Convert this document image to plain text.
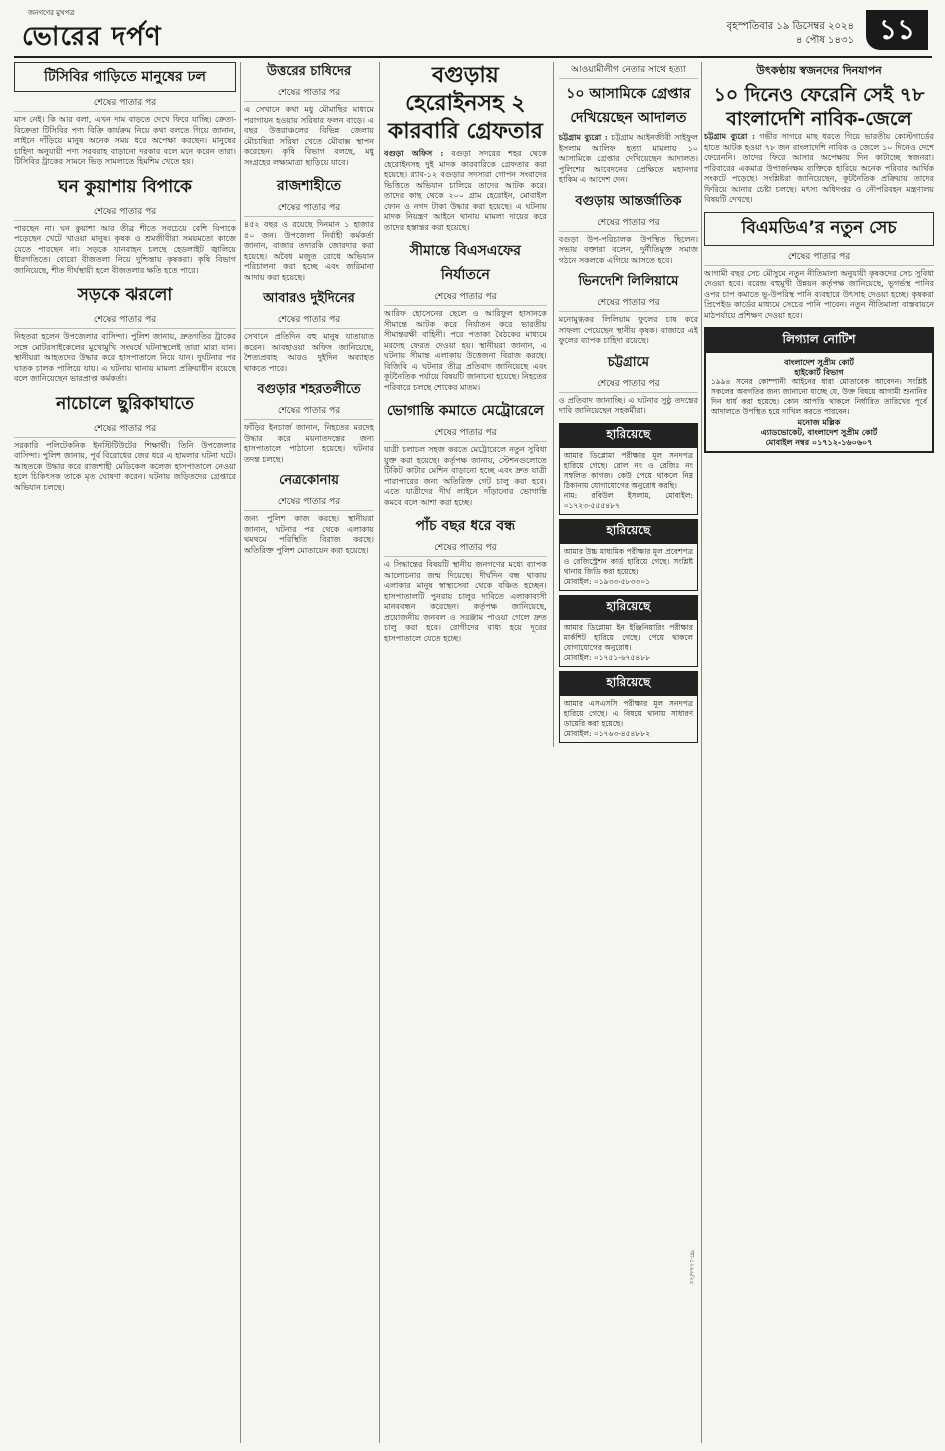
জনগণের মুখপত্র
ভোরের দর্পণ	বৃহস্পতিবার ১৯ ডিসেম্বর ২০২৪
৪ পৌষ ১৪৩১ ১১
টিসিবির গাড়িতে মানুষের ঢল
শেষের পাতার পর
মাস নেই। কি আর বলা, এখন দাম বাড়তে দেখে ফিরে যাচ্ছি। ক্রেতা-বিক্রেতা টিসিবির পণ্য বিক্রি কার্যক্রম নিয়ে কথা বলতে গিয়ে জানান, লাইনে দাঁড়িয়ে মানুষ অনেক সময় ধরে অপেক্ষা করছেন। মানুষের চাহিদা অনুযায়ী পণ্য সরবরাহ বাড়ানো দরকার বলে মনে করেন তারা। টিসিবির ট্রাকের সামনে ভিড় সামলাতে হিমশিম খেতে হয়।
ঘন কুয়াশায় বিপাকে
শেষের পাতার পর
পারছেন না। ঘন কুয়াশা আর তীব্র শীতে সবচেয়ে বেশি বিপাকে পড়েছেন খেটে খাওয়া মানুষ। কৃষক ও শ্রমজীবীরা সময়মতো কাজে যেতে পারছেন না। সড়কে যানবাহন চলছে হেডলাইট জ্বালিয়ে ধীরগতিতে। বোরো বীজতলা নিয়ে দুশ্চিন্তায় কৃষকরা। কৃষি বিভাগ জানিয়েছে, শীত দীর্ঘস্থায়ী হলে বীজতলার ক্ষতি হতে পারে।
সড়কে ঝরলো
শেষের পাতার পর
নিহতরা হলেন উপজেলার বাসিন্দা। পুলিশ জানায়, দ্রুতগতির ট্রাকের সঙ্গে মোটরসাইকেলের মুখোমুখি সংঘর্ষে ঘটনাস্থলেই তারা মারা যান। স্থানীয়রা আহতদের উদ্ধার করে হাসপাতালে নিয়ে যান। দুর্ঘটনার পর ঘাতক চালক পালিয়ে যায়। এ ঘটনায় থানায় মামলা প্রক্রিয়াধীন রয়েছে বলে জানিয়েছেন ভারপ্রাপ্ত কর্মকর্তা।
নাচোলে ছুরিকাঘাতে
শেষের পাতার পর
সরকারি পলিটেকনিক ইনস্টিটিউটের শিক্ষার্থী। তিনি উপজেলার বাসিন্দা। পুলিশ জানায়, পূর্ব বিরোধের জের ধরে এ হামলার ঘটনা ঘটে। আহতকে উদ্ধার করে রাজশাহী মেডিকেল কলেজ হাসপাতালে নেওয়া হলে চিকিৎসক তাকে মৃত ঘোষণা করেন। ঘটনায় জড়িতদের গ্রেপ্তারে অভিযান চলছে।
উত্তরের চাষিদের
শেষের পাতার পর
এ সেখানে কথা মধু মৌমাছির মাধ্যমে পরাগায়ন হওয়ায় সরিষার ফলন বাড়ে। এ বছর উত্তরাঞ্চলের বিভিন্ন জেলায় মৌচাষিরা সরিষা খেতে মৌবাক্স স্থাপন করেছেন। কৃষি বিভাগ বলছে, মধু সংগ্রহের লক্ষ্যমাত্রা ছাড়িয়ে যাবে।
রাজশাহীতে
শেষের পাতার পর
৪৫২ বছর ও রয়েছে দিনমান ১ হাজার ৫০ জন। উপজেলা নির্বাহী কর্মকর্তা জানান, বাজার তদারকি জোরদার করা হয়েছে। অবৈধ মজুত রোধে অভিযান পরিচালনা করা হচ্ছে এবং জরিমানা আদায় করা হয়েছে।
আবারও দুইদিনের
শেষের পাতার পর
সেখানে প্রতিদিন বহু মানুষ যাতায়াত করেন। আবহাওয়া অফিস জানিয়েছে, শৈত্যপ্রবাহ আরও দুইদিন অব্যাহত থাকতে পারে।
বগুড়ার শহরতলীতে
শেষের পাতার পর
ফাঁড়ির ইনচার্জ জানান, নিহতের মরদেহ উদ্ধার করে ময়নাতদন্তের জন্য হাসপাতালে পাঠানো হয়েছে। ঘটনার তদন্ত চলছে।
নেত্রকোনায়
শেষের পাতার পর
জন্য পুলিশ কাজ করছে। স্থানীয়রা জানান, ঘটনার পর থেকে এলাকায় থমথমে পরিস্থিতি বিরাজ করছে। অতিরিক্ত পুলিশ মোতায়েন করা হয়েছে।
বগুড়ায় হেরোইনসহ ২ কারবারি গ্রেফতার
বগুড়া অফিস : বগুড়া সদরের শহর থেকে হেরোইনসহ দুই মাদক কারবারিকে গ্রেফতার করা হয়েছে। র‍্যাব-১২ বগুড়ার সদস্যরা গোপন সংবাদের ভিত্তিতে অভিযান চালিয়ে তাদের আটক করে। তাদের কাছ থেকে ২০০ গ্রাম হেরোইন, মোবাইল ফোন ও নগদ টাকা উদ্ধার করা হয়েছে। এ ঘটনায় মাদক নিয়ন্ত্রণ আইনে থানায় মামলা দায়ের করে তাদের হস্তান্তর করা হয়েছে।
সীমান্তে বিএসএফের নির্যাতনে
শেষের পাতার পর
আরিফ হোসেনের ছেলে ও আরিফুল হাসানকে সীমান্তে আটক করে নির্যাতন করে ভারতীয় সীমান্তরক্ষী বাহিনী। পরে পতাকা বৈঠকের মাধ্যমে মরদেহ ফেরত দেওয়া হয়। স্থানীয়রা জানান, এ ঘটনায় সীমান্ত এলাকায় উত্তেজনা বিরাজ করছে। বিজিবি এ ঘটনার তীব্র প্রতিবাদ জানিয়েছে এবং কূটনৈতিক পর্যায়ে বিষয়টি জানানো হয়েছে। নিহতের পরিবারে চলছে শোকের মাতম।
ভোগান্তি কমাতে মেট্রোরেলে
শেষের পাতার পর
যাত্রী চলাচল সহজ করতে মেট্রোরেলে নতুন সুবিধা যুক্ত করা হয়েছে। কর্তৃপক্ষ জানায়, স্টেশনগুলোতে টিকিট কাটার মেশিন বাড়ানো হচ্ছে এবং দ্রুত যাত্রী পারাপারের জন্য অতিরিক্ত গেট চালু করা হবে। এতে যাত্রীদের দীর্ঘ লাইনে দাঁড়ানোর ভোগান্তি কমবে বলে আশা করা হচ্ছে।
পাঁচ বছর ধরে বন্ধ
শেষের পাতার পর
এ সিদ্ধান্তের বিষয়টি স্থানীয় জনগণের মধ্যে ব্যাপক আলোচনার জন্ম দিয়েছে। দীর্ঘদিন বন্ধ থাকায় এলাকার মানুষ স্বাস্থ্যসেবা থেকে বঞ্চিত হচ্ছেন। হাসপাতালটি পুনরায় চালুর দাবিতে এলাকাবাসী মানববন্ধন করেছেন। কর্তৃপক্ষ জানিয়েছে, প্রয়োজনীয় জনবল ও সরঞ্জাম পাওয়া গেলে দ্রুত চালু করা হবে। রোগীদের বাধ্য হয়ে দূরের হাসপাতালে যেতে হচ্ছে।
আওয়ামীলীগ নেতার সাথে হত্যা
১০ আসামিকে গ্রেপ্তার দেখিয়েছেন আদালত
চট্টগ্রাম ব্যুরো : চট্টগ্রাম আইনজীবী সাইফুল ইসলাম আলিফ হত্যা মামলায় ১০ আসামিকে গ্রেপ্তার দেখিয়েছেন আদালত। পুলিশের আবেদনের প্রেক্ষিতে মহানগর হাকিম এ আদেশ দেন।
বগুড়ায় আন্তর্জাতিক
শেষের পাতার পর
বগুড়া উপ-পরিচালক উপস্থিত ছিলেন। সভায় বক্তারা বলেন, দুর্নীতিমুক্ত সমাজ গঠনে সকলকে এগিয়ে আসতে হবে।
ভিনদেশি লিলিয়ামে
শেষের পাতার পর
মনোমুগ্ধকর লিলিয়াম ফুলের চাষ করে সাফল্য পেয়েছেন স্থানীয় কৃষক। বাজারে এই ফুলের ব্যাপক চাহিদা রয়েছে।
চট্টগ্রামে
শেষের পাতার পর
ও প্রতিবাদ জানাচ্ছি। এ ঘটনার সুষ্ঠু তদন্তের দাবি জানিয়েছেন সহকর্মীরা।
হারিয়েছে
আমার ডিপ্লোমা পরীক্ষার মূল সনদপত্র হারিয়ে গেছে। রোল নং ও রেজিঃ নং সম্বলিত কাগজ। কেউ পেয়ে থাকলে নিম্ন ঠিকানায় যোগাযোগের অনুরোধ করছি।
নাম: রবিউল ইসলাম, মোবাইল: ০১৭২৩-৫৫৫৪৮৭
হারিয়েছে
আমার উচ্চ মাধ্যমিক পরীক্ষার মূল প্রবেশপত্র ও রেজিস্ট্রেশন কার্ড হারিয়ে গেছে। সংশ্লিষ্ট থানায় জিডি করা হয়েছে।
মোবাইল: ০১৯৩৩-৫৮৩৩০১
হারিয়েছে
আমার ডিপ্লোমা ইন ইঞ্জিনিয়ারিং পরীক্ষার মার্কশিট হারিয়ে গেছে। পেয়ে থাকলে যোগাযোগের অনুরোধ।
মোবাইল: ০১৭৫১-৬৭৫৪৮৮
হারিয়েছে
আমার এসএসসি পরীক্ষার মূল সনদপত্র হারিয়ে গেছে। এ বিষয়ে থানায় সাধারণ ডায়েরি করা হয়েছে।
মোবাইল: ০১৭৬৩-৪৫৪৮৮২
আ-১২৯৬/২৪
উৎকণ্ঠায় স্বজনদের দিনযাপন
১০ দিনেও ফেরেনি সেই ৭৮ বাংলাদেশি নাবিক-জেলে
চট্টগ্রাম ব্যুরো : গভীর সাগরে মাছ ধরতে গিয়ে ভারতীয় কোস্টগার্ডের হাতে আটক হওয়া ৭৮ জন বাংলাদেশি নাবিক ও জেলে ১০ দিনেও দেশে ফেরেননি। তাদের ফিরে আসার অপেক্ষায় দিন কাটাচ্ছে স্বজনরা। পরিবারের একমাত্র উপার্জনক্ষম ব্যক্তিকে হারিয়ে অনেক পরিবার আর্থিক সংকটে পড়েছে। সংশ্লিষ্টরা জানিয়েছেন, কূটনৈতিক প্রক্রিয়ায় তাদের ফিরিয়ে আনার চেষ্টা চলছে। মৎস্য অধিদপ্তর ও নৌপরিবহন মন্ত্রণালয় বিষয়টি দেখছে।
বিএমডিএ’র নতুন সেচ
শেষের পাতার পর
আগামী বছর সেচ মৌসুমে নতুন নীতিমালা অনুযায়ী কৃষকদের সেচ সুবিধা দেওয়া হবে। বরেন্দ্র বহুমুখী উন্নয়ন কর্তৃপক্ষ জানিয়েছে, ভূগর্ভস্থ পানির ওপর চাপ কমাতে ভূ-উপরিস্থ পানি ব্যবহারে উৎসাহ দেওয়া হচ্ছে। কৃষকরা প্রিপেইড কার্ডের মাধ্যমে সেচের পানি পাবেন। নতুন নীতিমালা বাস্তবায়নে মাঠপর্যায়ে প্রশিক্ষণ দেওয়া হবে।
লিগ্যাল নোটিশ
বাংলাদেশ সুপ্রীম কোর্ট
হাইকোর্ট বিভাগ
১৯৯৪ সনের কোম্পানী আইনের ধারা মোতাবেক আবেদন। সংশ্লিষ্ট সকলের অবগতির জন্য জানানো যাচ্ছে যে, উক্ত বিষয়ে আগামী শুনানির দিন ধার্য করা হয়েছে। কোন আপত্তি থাকলে নির্ধারিত তারিখের পূর্বে আদালতে উপস্থিত হয়ে দাখিল করতে পারবেন।
মনোজ মল্লিক
এ্যাডভোকেট, বাংলাদেশ সুপ্রীম কোর্ট
মোবাইল নম্বর ০১৭১২-১৬০৬০৭
